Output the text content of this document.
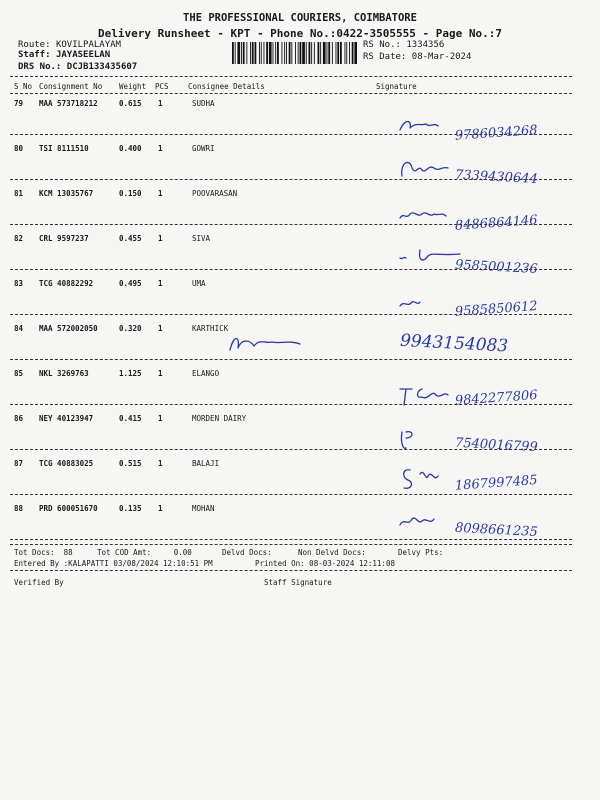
THE PROFESSIONAL COURIERS, COIMBATORE
Delivery Runsheet - KPT - Phone No.:0422-3505555 - Page No.:7
Route: KOVILPALAYAM
Staff: JAYASEELAN
DRS No.: DCJB133435607
RS No.: 1334356
RS Date: 08-Mar-2024
S No Consignment No Weight PCS	Consignee Details	Signature
79 MAA 573718212	0.615 1	SUDHA
9786034268
80 TSI 8111510	0.400 1	GOWRI
7339430644
81 KCM 13035767	0.150 1	POOVARASAN
8486864146
82 CRL 9597237	0.455 1	SIVA
9585001236
83 TCG 40882292	0.495 1	UMA
9585850612
84 MAA 572002050	0.320 1	KARTHICK
9943154083
85 NKL 3269763	1.125 1	ELANGO
9842277806
86 NEY 40123947	0.415 1	MORDEN DAIRY
7540016799
87 TCG 40883025	0.515 1	BALAJI
1867997485
88 PRD 600051670	0.135 1	MOHAN
8098661235
Tot Docs:  88	Tot COD Amt:     0.00	Delvd Docs:	Non Delvd Docs:	Delvy Pts:
Entered By :KALAPATTI 03/08/2024 12:10:51 PM	Printed On: 08-03-2024 12:11:08
Verified By	Staff Signature
